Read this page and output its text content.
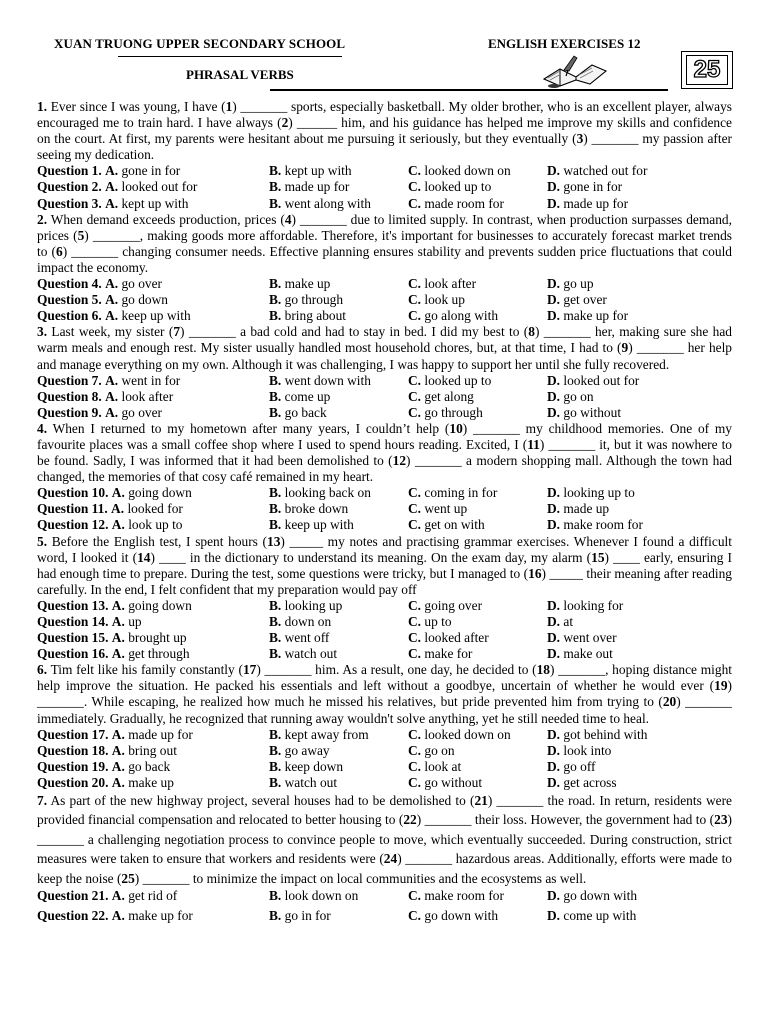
XUAN TRUONG UPPER SECONDARY SCHOOL
PHRASAL VERBS
ENGLISH EXERCISES 12
25

1. Ever since I was young, I have (1) _______ sports, especially basketball. My older brother, who is an excellent player, always encouraged me to train hard. I have always (2) ______ him, and his guidance has helped me improve my skills and confidence on the court. At first, my parents were hesitant about me pursuing it seriously, but they eventually (3) _______ my passion after seeing my dedication.

Question 1. A. gone in for	B. kept up with	C. looked down on	D. watched out for
Question 2. A. looked out for	B. made up for	C. looked up to	D. gone in for
Question 3. A. kept up with	B. went along with	C. made room for	D. made up for

2. When demand exceeds production, prices (4) _______ due to limited supply. In contrast, when production surpasses demand, prices (5) _______, making goods more affordable. Therefore, it's important for businesses to accurately forecast market trends to (6) _______ changing consumer needs. Effective planning ensures stability and prevents sudden price fluctuations that could impact the economy.

Question 4. A. go over	B. make up	C. look after	D. go up
Question 5. A. go down	B. go through	C. look up	D. get over
Question 6. A. keep up with	B. bring about	C. go along with	D. make up for

3. Last week, my sister (7) _______ a bad cold and had to stay in bed. I did my best to (8) _______ her, making sure she had warm meals and enough rest. My sister usually handled most household chores, but, at that time, I had to (9) _______ her help and manage everything on my own. Although it was challenging, I was happy to support her until she fully recovered.

Question 7. A. went in for	B. went down with	C. looked up to	D. looked out for
Question 8. A. look after	B. come up	C. get along	D. go on
Question 9. A. go over	B. go back	C. go through	D. go without

4. When I returned to my hometown after many years, I couldn’t help (10) _______ my childhood memories. One of my favourite places was a small coffee shop where I used to spend hours reading. Excited, I (11) _______ it, but it was nowhere to be found. Sadly, I was informed that it had been demolished to (12) _______ a modern shopping mall. Although the town had changed, the memories of that cosy café remained in my heart.

Question 10. A. going down	B. looking back on	C. coming in for	D. looking up to
Question 11. A. looked for	B. broke down	C. went up	D. made up
Question 12. A. look up to	B. keep up with	C. get on with	D. make room for

5. Before the English test, I spent hours (13) _____ my notes and practising grammar exercises. Whenever I found a difficult word, I looked it (14) ____ in the dictionary to understand its meaning. On the exam day, my alarm (15) ____ early, ensuring I had enough time to prepare. During the test, some questions were tricky, but I managed to (16) _____ their meaning after reading carefully. In the end, I felt confident that my preparation would pay off

Question 13. A. going down	B. looking up	C. going over	D. looking for
Question 14. A. up	B. down on	C. up to	D. at
Question 15. A. brought up	B. went off	C. looked after	D. went over
Question 16. A. get through	B. watch out	C. make for	D. make out

6. Tim felt like his family constantly (17) _______ him. As a result, one day, he decided to (18) _______, hoping distance might help improve the situation. He packed his essentials and left without a goodbye, uncertain of whether he would ever (19) _______. While escaping, he realized how much he missed his relatives, but pride prevented him from trying to (20) _______ immediately. Gradually, he recognized that running away wouldn't solve anything, yet he still needed time to heal.

Question 17. A. made up for	B. kept away from	C. looked down on	D. got behind with
Question 18. A. bring out	B. go away	C. go on	D. look into
Question 19. A. go back	B. keep down	C. look at	D. go off
Question 20. A. make up	B. watch out	C. go without	D. get across

7. As part of the new highway project, several houses had to be demolished to (21) _______ the road. In return, residents were provided financial compensation and relocated to better housing to (22) _______ their loss. However, the government had to (23) _______ a challenging negotiation process to convince people to move, which eventually succeeded. During construction, strict measures were taken to ensure that workers and residents were (24) _______ hazardous areas. Additionally, efforts were made to keep the noise (25) _______ to minimize the impact on local communities and the ecosystems as well.

Question 21. A. get rid of	B. look down on	C. make room for	D. go down with
Question 22. A. make up for	B. go in for	C. go down with	D. come up with
